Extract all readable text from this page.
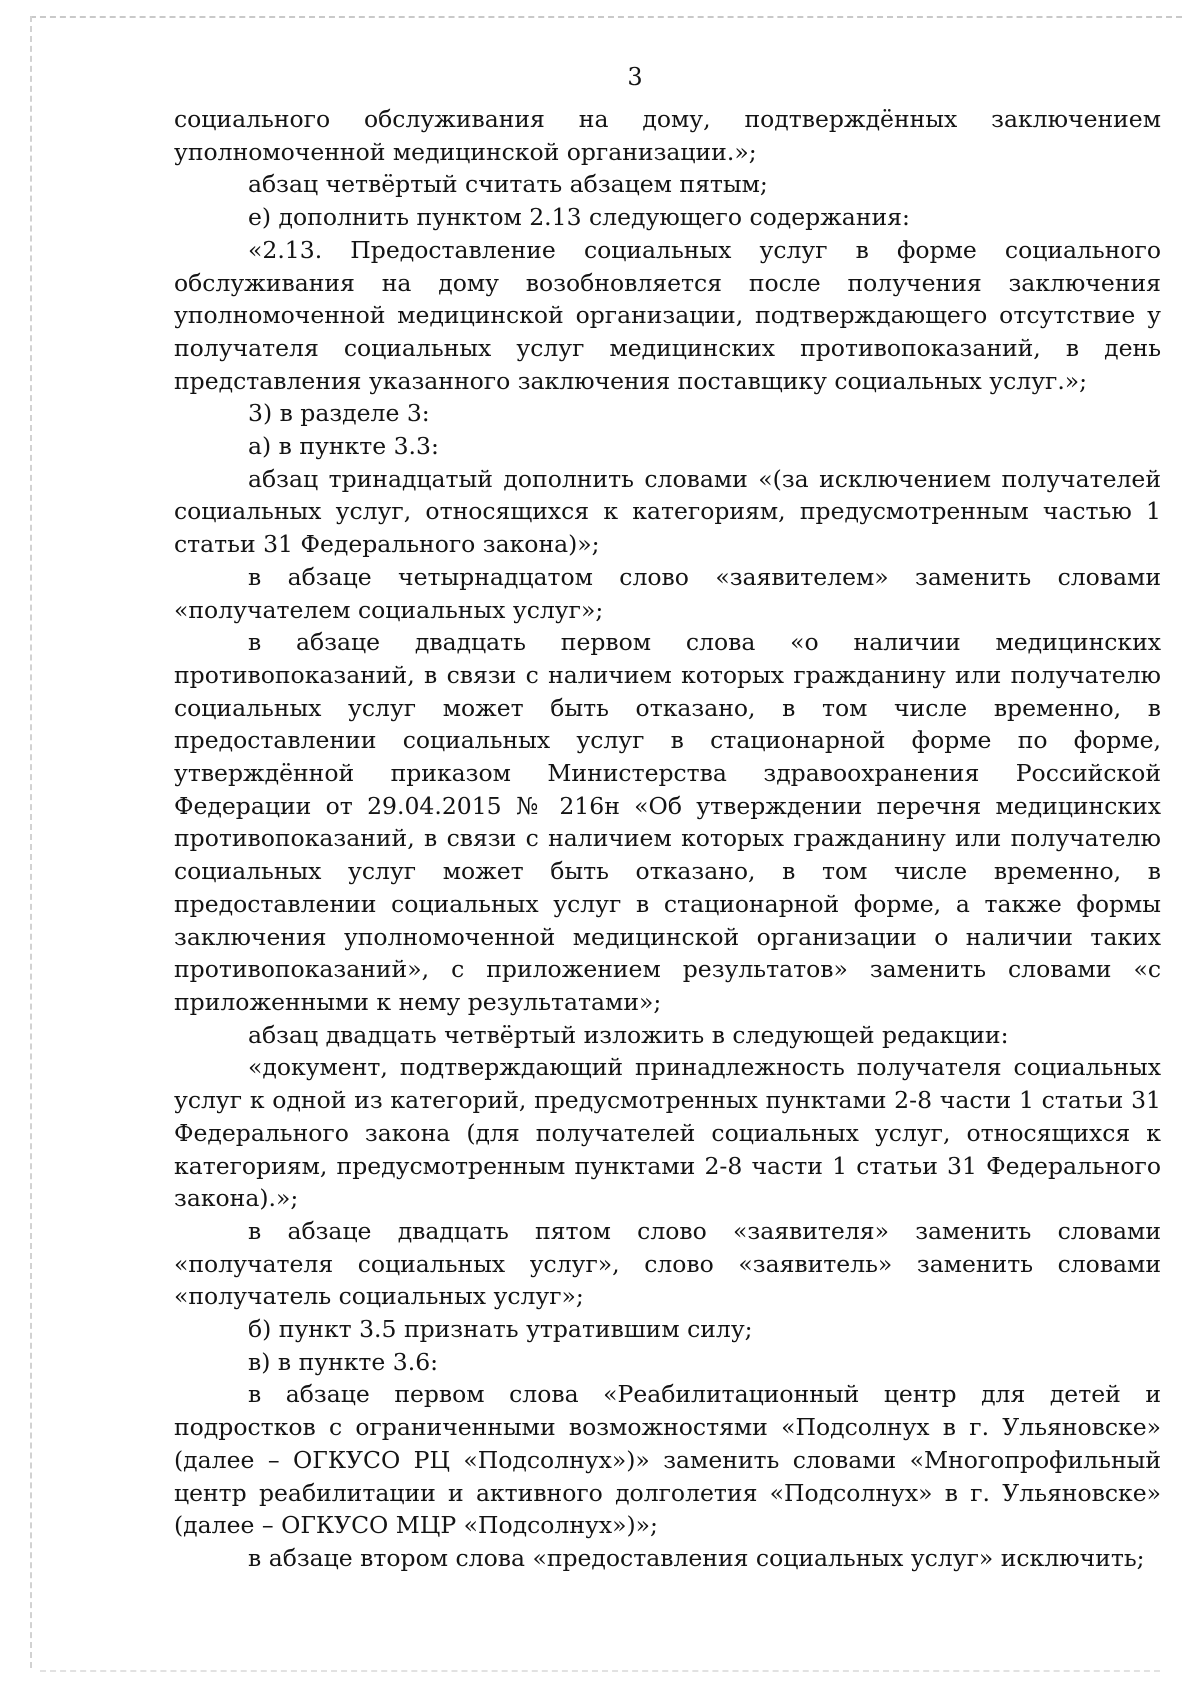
3

социального обслуживания на дому, подтверждённых заключением уполномоченной медицинской организации.»;

абзац четвёртый считать абзацем пятым;

е) дополнить пунктом 2.13 следующего содержания:

«2.13. Предоставление социальных услуг в форме социального обслуживания на дому возобновляется после получения заключения уполномоченной медицинской организации, подтверждающего отсутствие у получателя социальных услуг медицинских противопоказаний, в день представления указанного заключения поставщику социальных услуг.»;

3) в разделе 3:

а) в пункте 3.3:

абзац тринадцатый дополнить словами «(за исключением получателей социальных услуг, относящихся к категориям, предусмотренным частью 1 статьи 31 Федерального закона)»;

в абзаце четырнадцатом слово «заявителем» заменить словами «получателем социальных услуг»;

в абзаце двадцать первом слова «о наличии медицинских противопоказаний, в связи с наличием которых гражданину или получателю социальных услуг может быть отказано, в том числе временно, в предоставлении социальных услуг в стационарной форме по форме, утверждённой приказом Министерства здравоохранения Российской Федерации от 29.04.2015 № 216н «Об утверждении перечня медицинских противопоказаний, в связи с наличием которых гражданину или получателю социальных услуг может быть отказано, в том числе временно, в предоставлении социальных услуг в стационарной форме, а также формы заключения уполномоченной медицинской организации о наличии таких противопоказаний», с приложением результатов» заменить словами «с приложенными к нему результатами»;

абзац двадцать четвёртый изложить в следующей редакции:

«документ, подтверждающий принадлежность получателя социальных услуг к одной из категорий, предусмотренных пунктами 2-8 части 1 статьи 31 Федерального закона (для получателей социальных услуг, относящихся к категориям, предусмотренным пунктами 2-8 части 1 статьи 31 Федерального закона).»;

в абзаце двадцать пятом слово «заявителя» заменить словами «получателя социальных услуг», слово «заявитель» заменить словами «получатель социальных услуг»;

б) пункт 3.5 признать утратившим силу;

в) в пункте 3.6:

в абзаце первом слова «Реабилитационный центр для детей и подростков с ограниченными возможностями «Подсолнух в г. Ульяновске» (далее – ОГКУСО РЦ «Подсолнух»)» заменить словами «Многопрофильный центр реабилитации и активного долголетия «Подсолнух» в г. Ульяновске» (далее – ОГКУСО МЦР «Подсолнух»)»;

в абзаце втором слова «предоставления социальных услуг» исключить;
